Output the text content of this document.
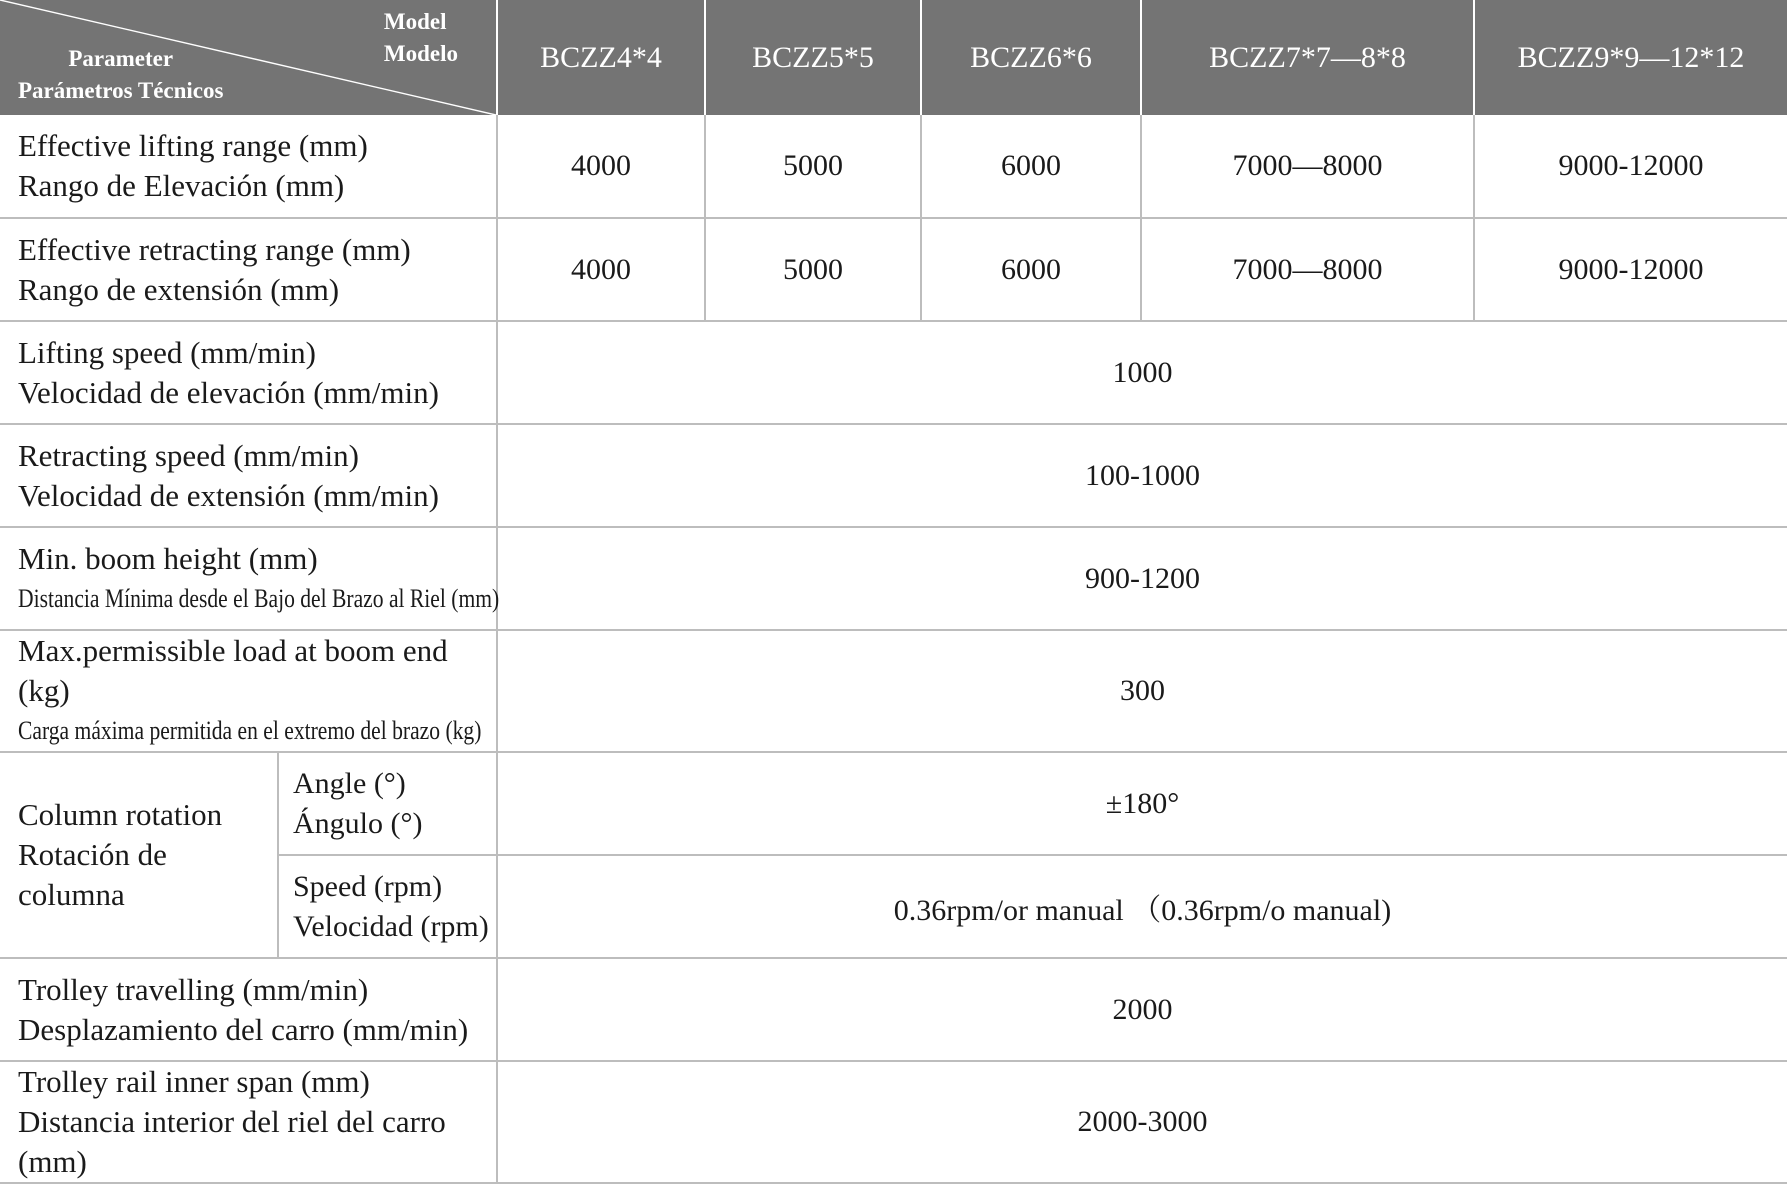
Model
Modelo
Parameter
Parámetros Técnicos		BCZZ4*4	BCZZ5*5	BCZZ6*6	BCZZ7*7—8*8	BCZZ9*9—12*12

Effective lifting range (mm)
Rango de Elevación (mm)		4000	5000	6000	7000—8000	9000-12000

Effective retracting range (mm)
Rango de extensión (mm)		4000	5000	6000	7000—8000	9000-12000

Lifting speed (mm/min)
Velocidad de elevación (mm/min)		1000				

Retracting speed (mm/min)
Velocidad de extensión (mm/min)		100-1000				

Min. boom height (mm)
Distancia Mínima desde el Bajo del Brazo al Riel (mm)		900-1200				

Max.permissible load at boom end (kg)
Carga máxima permitida en el extremo del brazo (kg)		300				

Column rotation
Rotación de columna	Angle (°)
Ángulo (°)	±180°				

	Speed (rpm)
Velocidad (rpm)	0.36rpm/or manual （0.36rpm/o manual)				

Trolley travelling (mm/min)
Desplazamiento del carro (mm/min)		2000				

Trolley rail inner span (mm)
Distancia interior del riel del carro (mm)		2000-3000				
